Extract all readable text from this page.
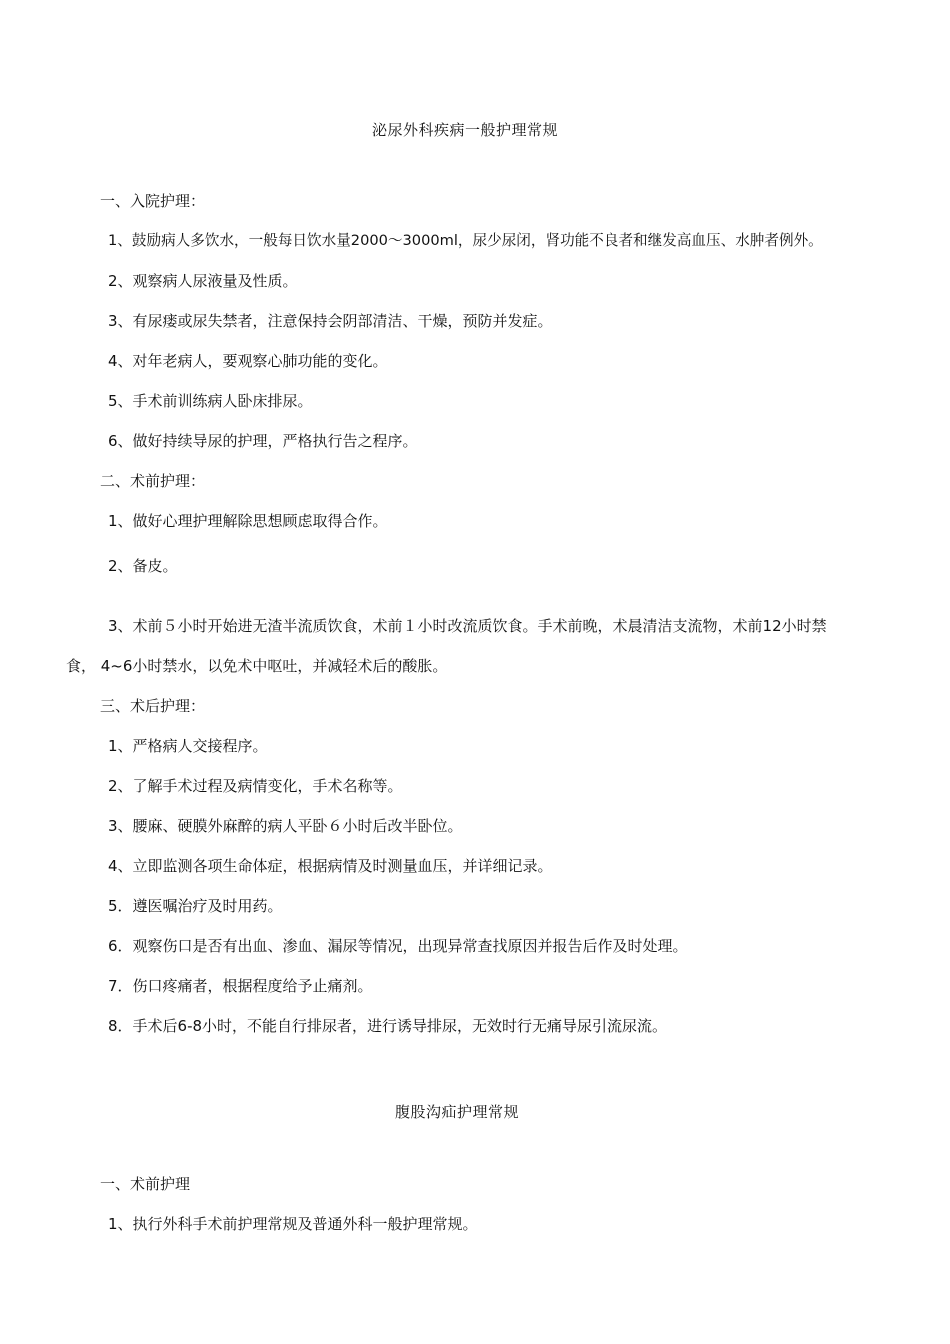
泌尿外科疾病一般护理常规
一、入院护理：
1、鼓励病人多饮水，一般每日饮水量2000～3000ml，尿少尿闭，肾功能不良者和继发高血压、水肿者例外。
2、观察病人尿液量及性质。
3、有尿瘘或尿失禁者，注意保持会阴部清洁、干燥，预防并发症。
4、对年老病人，要观察心肺功能的变化。
5、手术前训练病人卧床排尿。
6、做好持续导尿的护理，严格执行告之程序。
二、术前护理：
1、做好心理护理解除思想顾虑取得合作。
2、备皮。
3、术前５小时开始进无渣半流质饮食，术前１小时改流质饮食。手术前晚，术晨清洁支流物，术前12小时禁
食， 4~6小时禁水，以免术中呕吐，并减轻术后的酸胀。
三、术后护理：
1、严格病人交接程序。
2、了解手术过程及病情变化，手术名称等。
3、腰麻、硬膜外麻醉的病人平卧６小时后改半卧位。
4、立即监测各项生命体症，根据病情及时测量血压，并详细记录。
5．遵医嘱治疗及时用药。
6．观察伤口是否有出血、渗血、漏尿等情况，出现异常查找原因并报告后作及时处理。
7．伤口疼痛者，根据程度给予止痛剂。
8．手术后6-8小时，不能自行排尿者，进行诱导排尿，无效时行无痛导尿引流尿流。
腹股沟疝护理常规
一、术前护理
1、执行外科手术前护理常规及普通外科一般护理常规。
